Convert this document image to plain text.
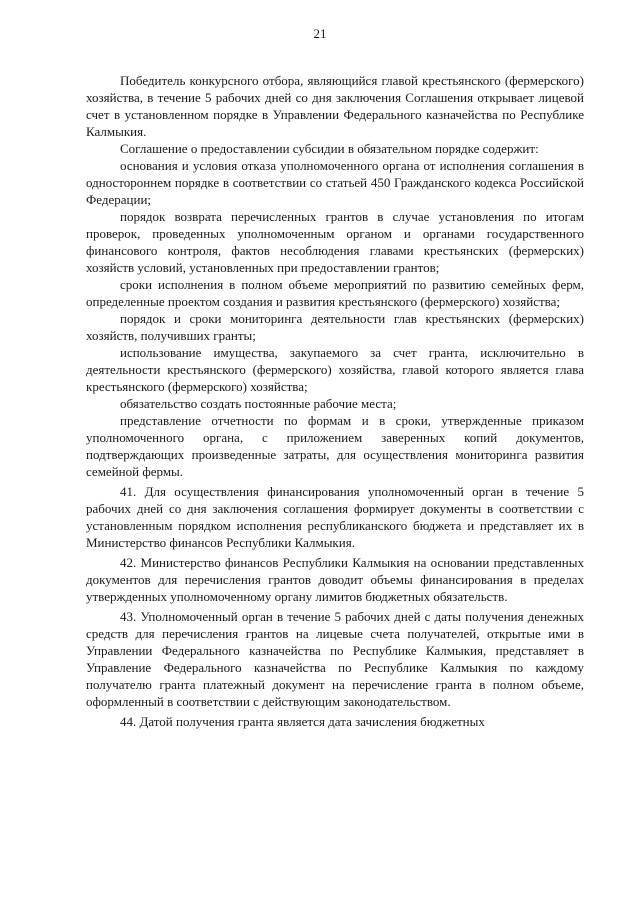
21

Победитель конкурсного отбора, являющийся главой крестьянского (фермерского) хозяйства, в течение 5 рабочих дней со дня заключения Соглашения открывает лицевой счет в установленном порядке в Управлении Федерального казначейства по Республике Калмыкия.

Соглашение о предоставлении субсидии в обязательном порядке содержит:

основания и условия отказа уполномоченного органа от исполнения соглашения в одностороннем порядке в соответствии со статьей 450 Гражданского кодекса Российской Федерации;

порядок возврата перечисленных грантов в случае установления по итогам проверок, проведенных уполномоченным органом и органами государственного финансового контроля, фактов несоблюдения главами крестьянских (фермерских) хозяйств условий, установленных при предоставлении грантов;

сроки исполнения в полном объеме мероприятий по развитию семейных ферм, определенные проектом создания и развития крестьянского (фермерского) хозяйства;

порядок и сроки мониторинга деятельности глав крестьянских (фермерских) хозяйств, получивших гранты;

использование имущества, закупаемого за счет гранта, исключительно в деятельности крестьянского (фермерского) хозяйства, главой которого является глава крестьянского (фермерского) хозяйства;

обязательство создать постоянные рабочие места;

представление отчетности по формам и в сроки, утвержденные приказом уполномоченного органа, с приложением заверенных копий документов, подтверждающих произведенные затраты, для осуществления мониторинга развития семейной фермы.

41. Для осуществления финансирования уполномоченный орган в течение 5 рабочих дней со дня заключения соглашения формирует документы в соответствии с установленным порядком исполнения республиканского бюджета и представляет их в Министерство финансов Республики Калмыкия.

42. Министерство финансов Республики Калмыкия на основании представленных документов для перечисления грантов доводит объемы финансирования в пределах утвержденных уполномоченному органу лимитов бюджетных обязательств.

43. Уполномоченный орган в течение 5 рабочих дней с даты получения денежных средств для перечисления грантов на лицевые счета получателей, открытые ими в Управлении Федерального казначейства по Республике Калмыкия, представляет в Управление Федерального казначейства по Республике Калмыкия по каждому получателю гранта платежный документ на перечисление гранта в полном объеме, оформленный в соответствии с действующим законодательством.

44. Датой получения гранта является дата зачисления бюджетных
